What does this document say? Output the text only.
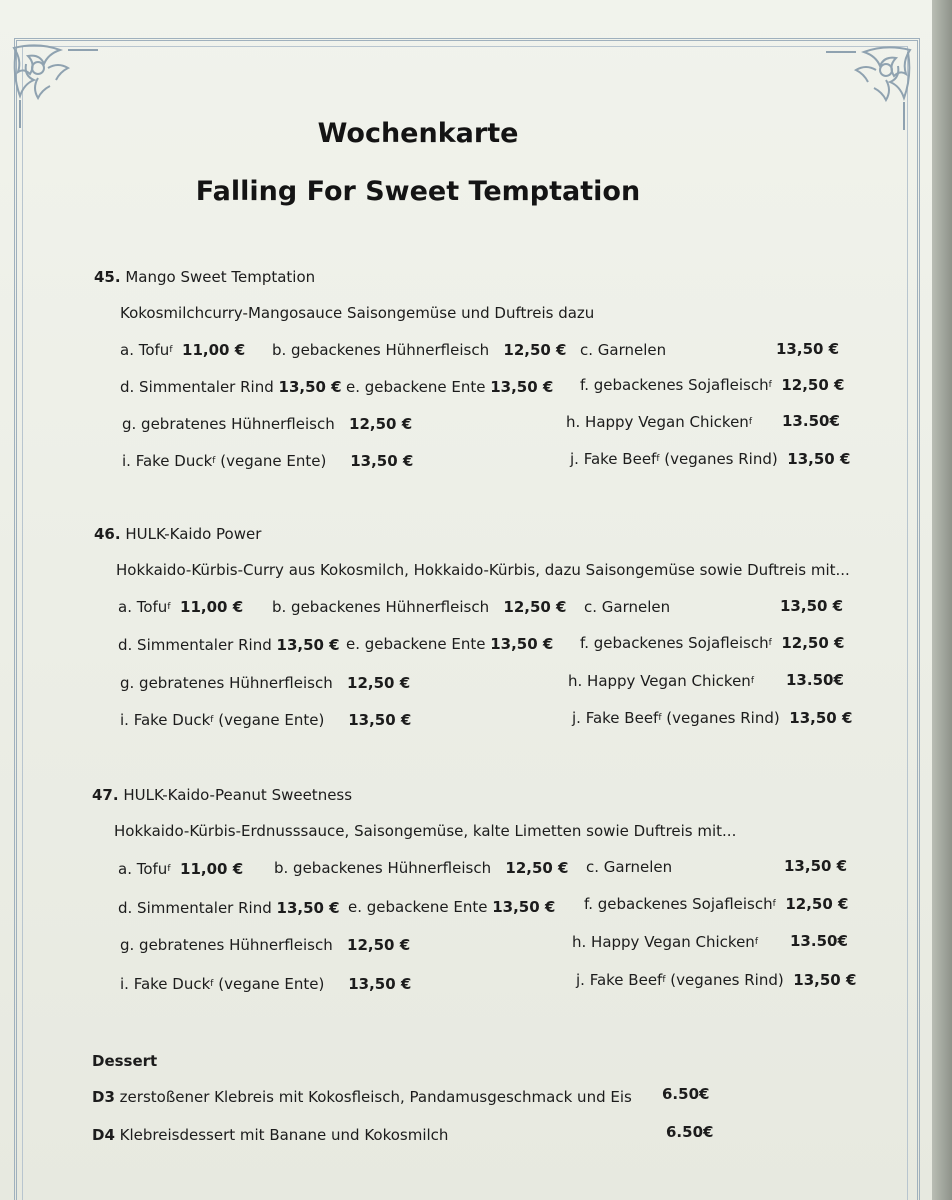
Wochenkarte
Falling For Sweet Temptation
45. Mango Sweet Temptation
Kokosmilchcurry-Mangosauce Saisongemüse und Duftreis dazu
a. Tofu$^f$ 11,00 € b. gebackenes Hühnerfleisch 12,50 € c. Garnelen	13,50 €
d. Simmentaler Rind 13,50 € e. gebackene Ente 13,50 € f. gebackenes Sojafleisch$^f$ 12,50 €
g. gebratenes Hühnerfleisch 12,50 €	h. Happy Vegan Chicken$^f$ 13.50€
i. Fake Duck$^f$ (vegane Ente) 13,50 €	j. Fake Beef$^f$ (veganes Rind) 13,50 €
46. HULK-Kaido Power
Hokkaido-Kürbis-Curry aus Kokosmilch, Hokkaido-Kürbis, dazu Saisongemüse sowie Duftreis mit...
a. Tofu$^f$ 11,00 € b. gebackenes Hühnerfleisch 12,50 € c. Garnelen	13,50 €
d. Simmentaler Rind 13,50 € e. gebackene Ente 13,50 € f. gebackenes Sojafleisch$^f$ 12,50 €
g. gebratenes Hühnerfleisch 12,50 €	h. Happy Vegan Chicken$^f$ 13.50€
i. Fake Duck$^f$ (vegane Ente) 13,50 €	j. Fake Beef$^f$ (veganes Rind) 13,50 €
47. HULK-Kaido-Peanut Sweetness
Hokkaido-Kürbis-Erdnusssauce, Saisongemüse, kalte Limetten sowie Duftreis mit...
a. Tofu$^f$ 11,00 € b. gebackenes Hühnerfleisch 12,50 € c. Garnelen	13,50 €
d. Simmentaler Rind 13,50 € e. gebackene Ente 13,50 € f. gebackenes Sojafleisch$^f$ 12,50 €
g. gebratenes Hühnerfleisch 12,50 €	h. Happy Vegan Chicken$^f$ 13.50€
i. Fake Duck$^f$ (vegane Ente) 13,50 €	j. Fake Beef$^f$ (veganes Rind) 13,50 €
Dessert
D3 zerstoßener Klebreis mit Kokosfleisch, Pandamusgeschmack und Eis 6.50€
D4 Klebreisdessert mit Banane und Kokosmilch	6.50€
